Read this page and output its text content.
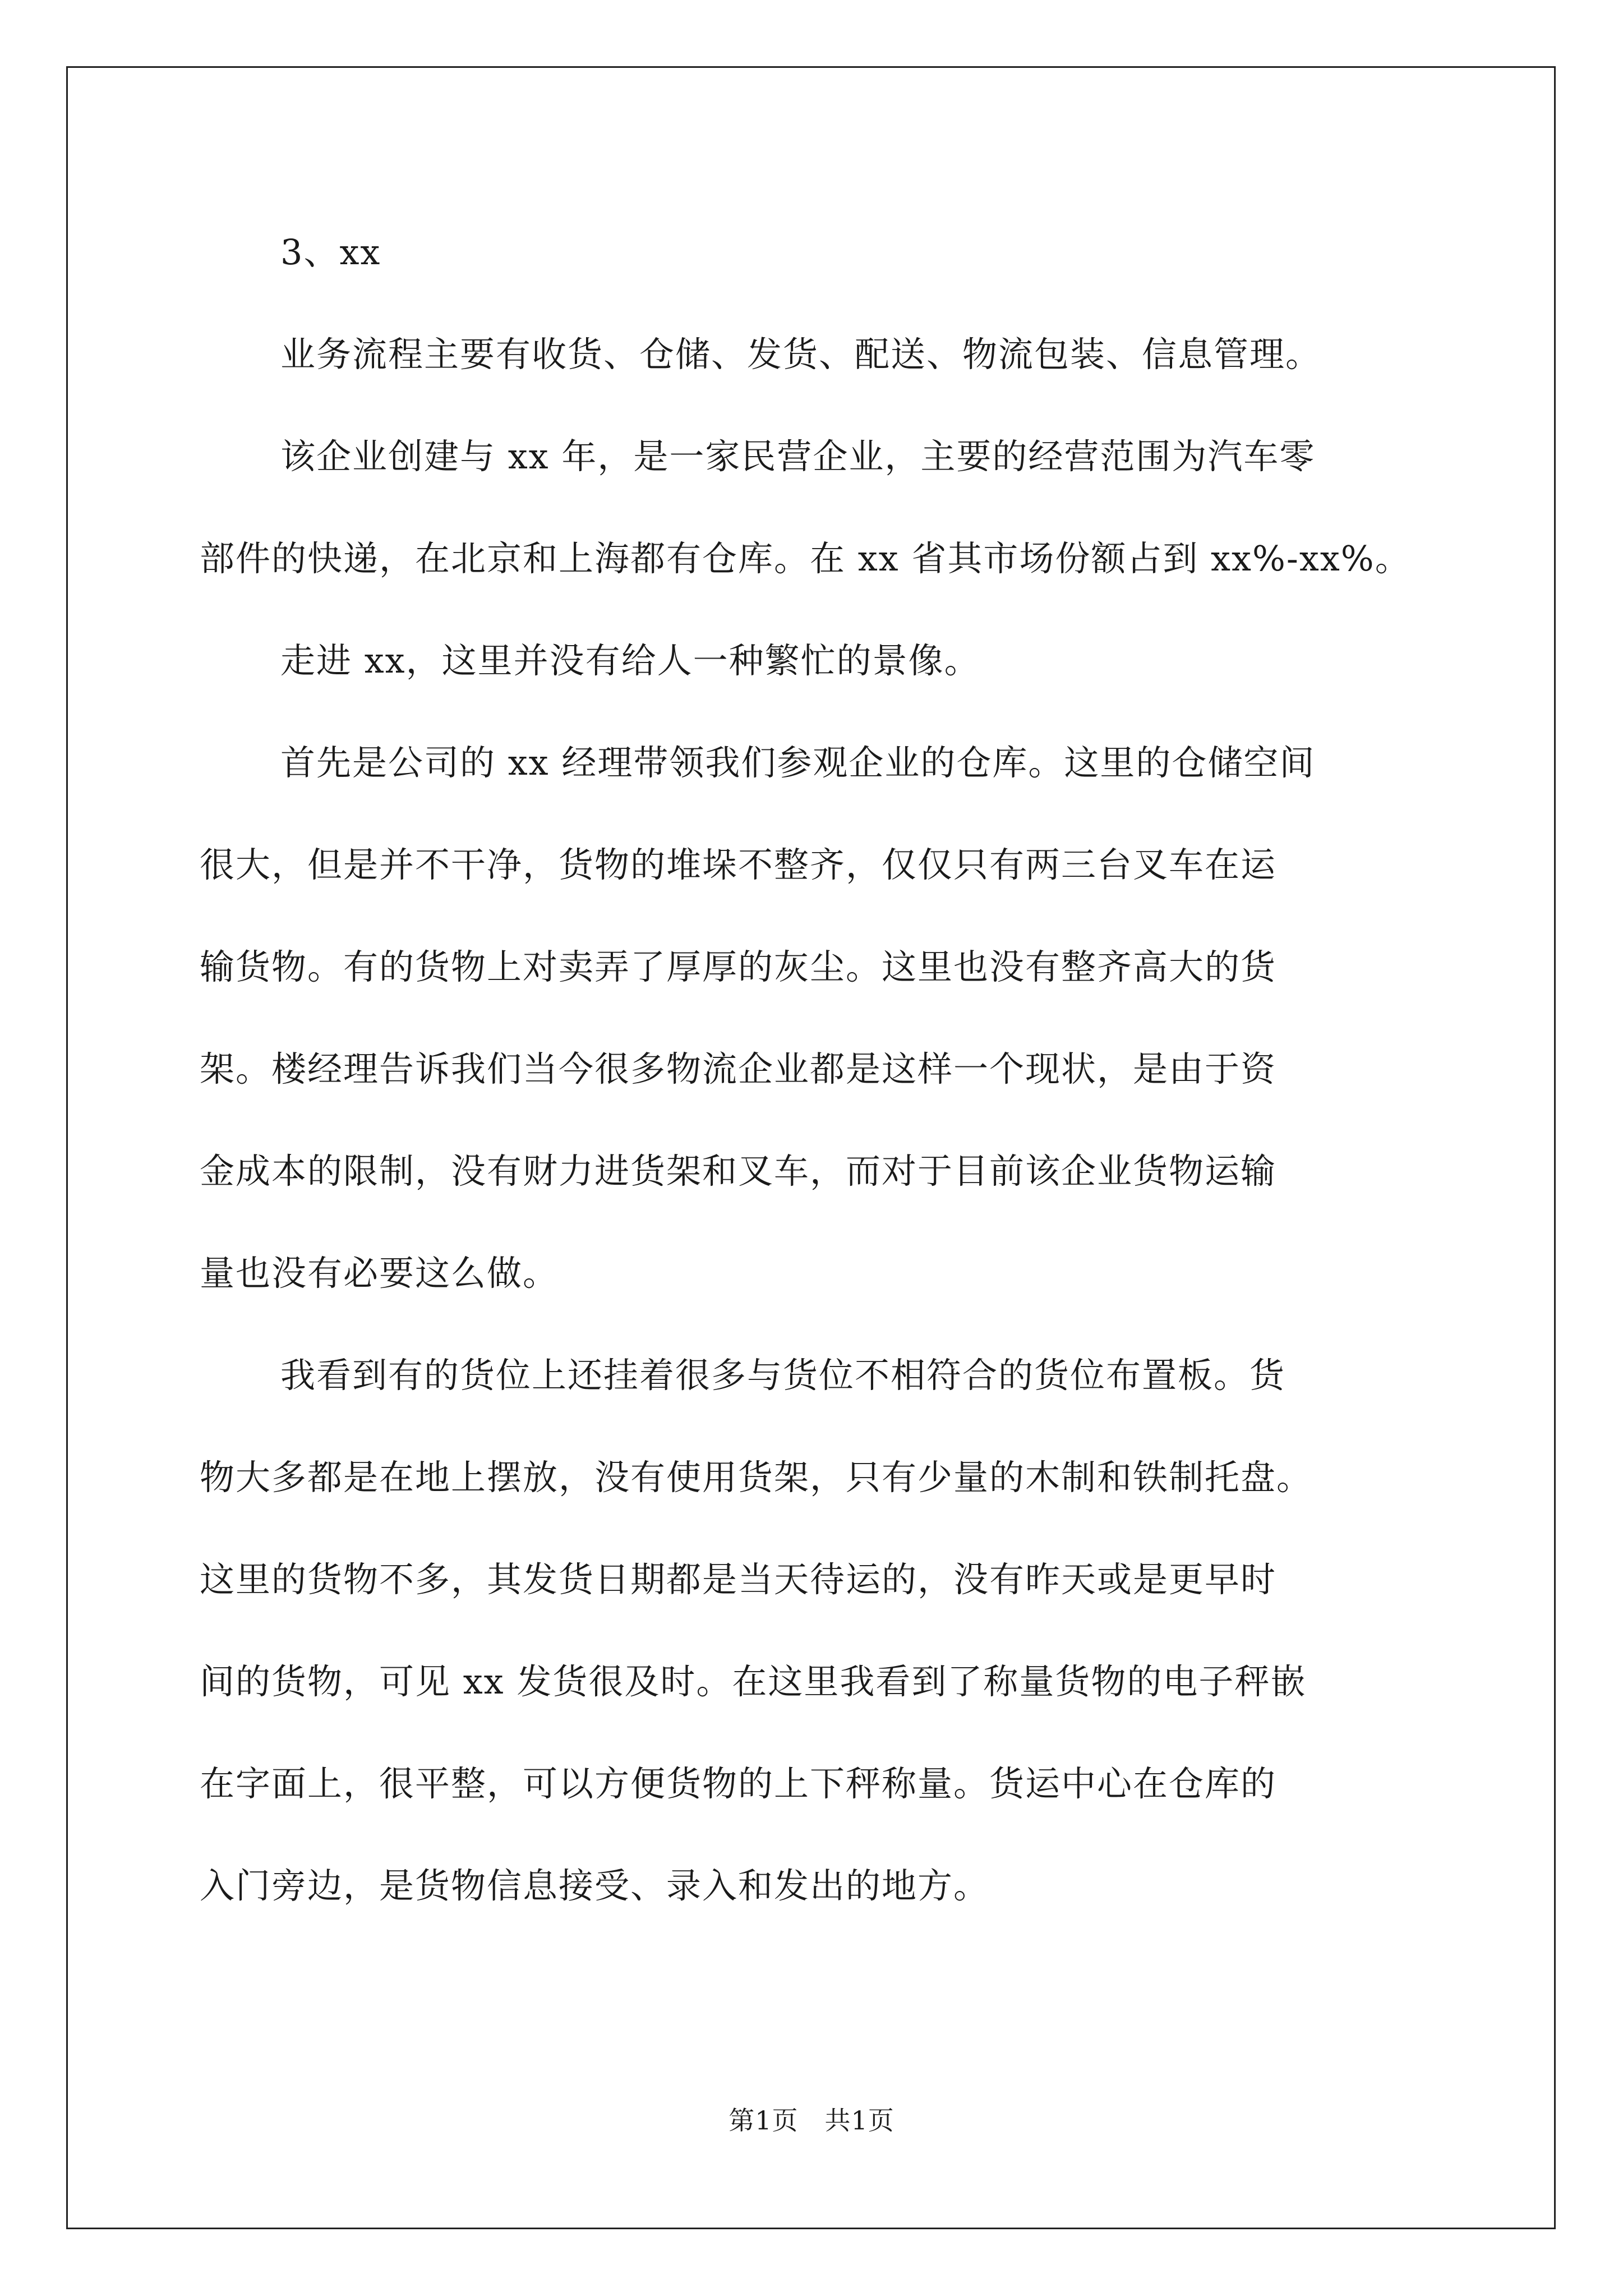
3、xx
业务流程主要有收货、仓储、发货、配送、物流包装、信息管理。
该企业创建与 xx 年，是一家民营企业，主要的经营范围为汽车零
部件的快递，在北京和上海都有仓库。在 xx 省其市场份额占到 xx%-xx%。
走进 xx，这里并没有给人一种繁忙的景像。
首先是公司的 xx 经理带领我们参观企业的仓库。这里的仓储空间
很大，但是并不干净，货物的堆垛不整齐，仅仅只有两三台叉车在运
输货物。有的货物上对卖弄了厚厚的灰尘。这里也没有整齐高大的货
架。楼经理告诉我们当今很多物流企业都是这样一个现状，是由于资
金成本的限制，没有财力进货架和叉车，而对于目前该企业货物运输
量也没有必要这么做。
我看到有的货位上还挂着很多与货位不相符合的货位布置板。货
物大多都是在地上摆放，没有使用货架，只有少量的木制和铁制托盘。
这里的货物不多，其发货日期都是当天待运的，没有昨天或是更早时
间的货物，可见 xx 发货很及时。在这里我看到了称量货物的电子秤嵌
在字面上，很平整，可以方便货物的上下秤称量。货运中心在仓库的
入门旁边，是货物信息接受、录入和发出的地方。
第1页　共1页
